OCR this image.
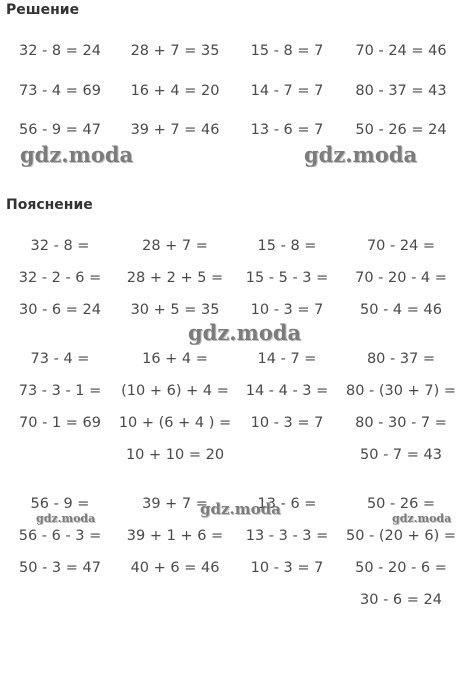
Решение
32 - 8 = 24 28 + 7 = 35 15 - 8 = 7 70 - 24 = 46
73 - 4 = 69 16 + 4 = 20 14 - 7 = 7 80 - 37 = 43
56 - 9 = 47 39 + 7 = 46 13 - 6 = 7 50 - 26 = 24
Пояснение
32 - 8 =
32 - 2 - 6 =
30 - 6 = 24
28 + 7 =
28 + 2 + 5 =
30 + 5 = 35
15 - 8 =
15 - 5 - 3 =
10 - 3 = 7
70 - 24 =
70 - 20 - 4 =
50 - 4 = 46
73 - 4 =
73 - 3 - 1 =
70 - 1 = 69
16 + 4 =
(10 + 6) + 4 =
10 + (6 + 4 ) =
10 + 10 = 20
14 - 7 =
14 - 4 - 3 =
10 - 3 = 7
80 - 37 =
80 - (30 + 7) =
80 - 30 - 7 =
50 - 7 = 43
56 - 9 =
56 - 6 - 3 =
50 - 3 = 47
39 + 7 =
39 + 1 + 6 =
40 + 6 = 46
13 - 6 =
13 - 3 - 3 =
10 - 3 = 7
50 - 26 =
50 - (20 + 6) =
50 - 20 - 6 =
30 - 6 = 24
gdz.moda	gdz.moda
gdz.moda
gdz.moda
gdz.moda	gdz.moda
